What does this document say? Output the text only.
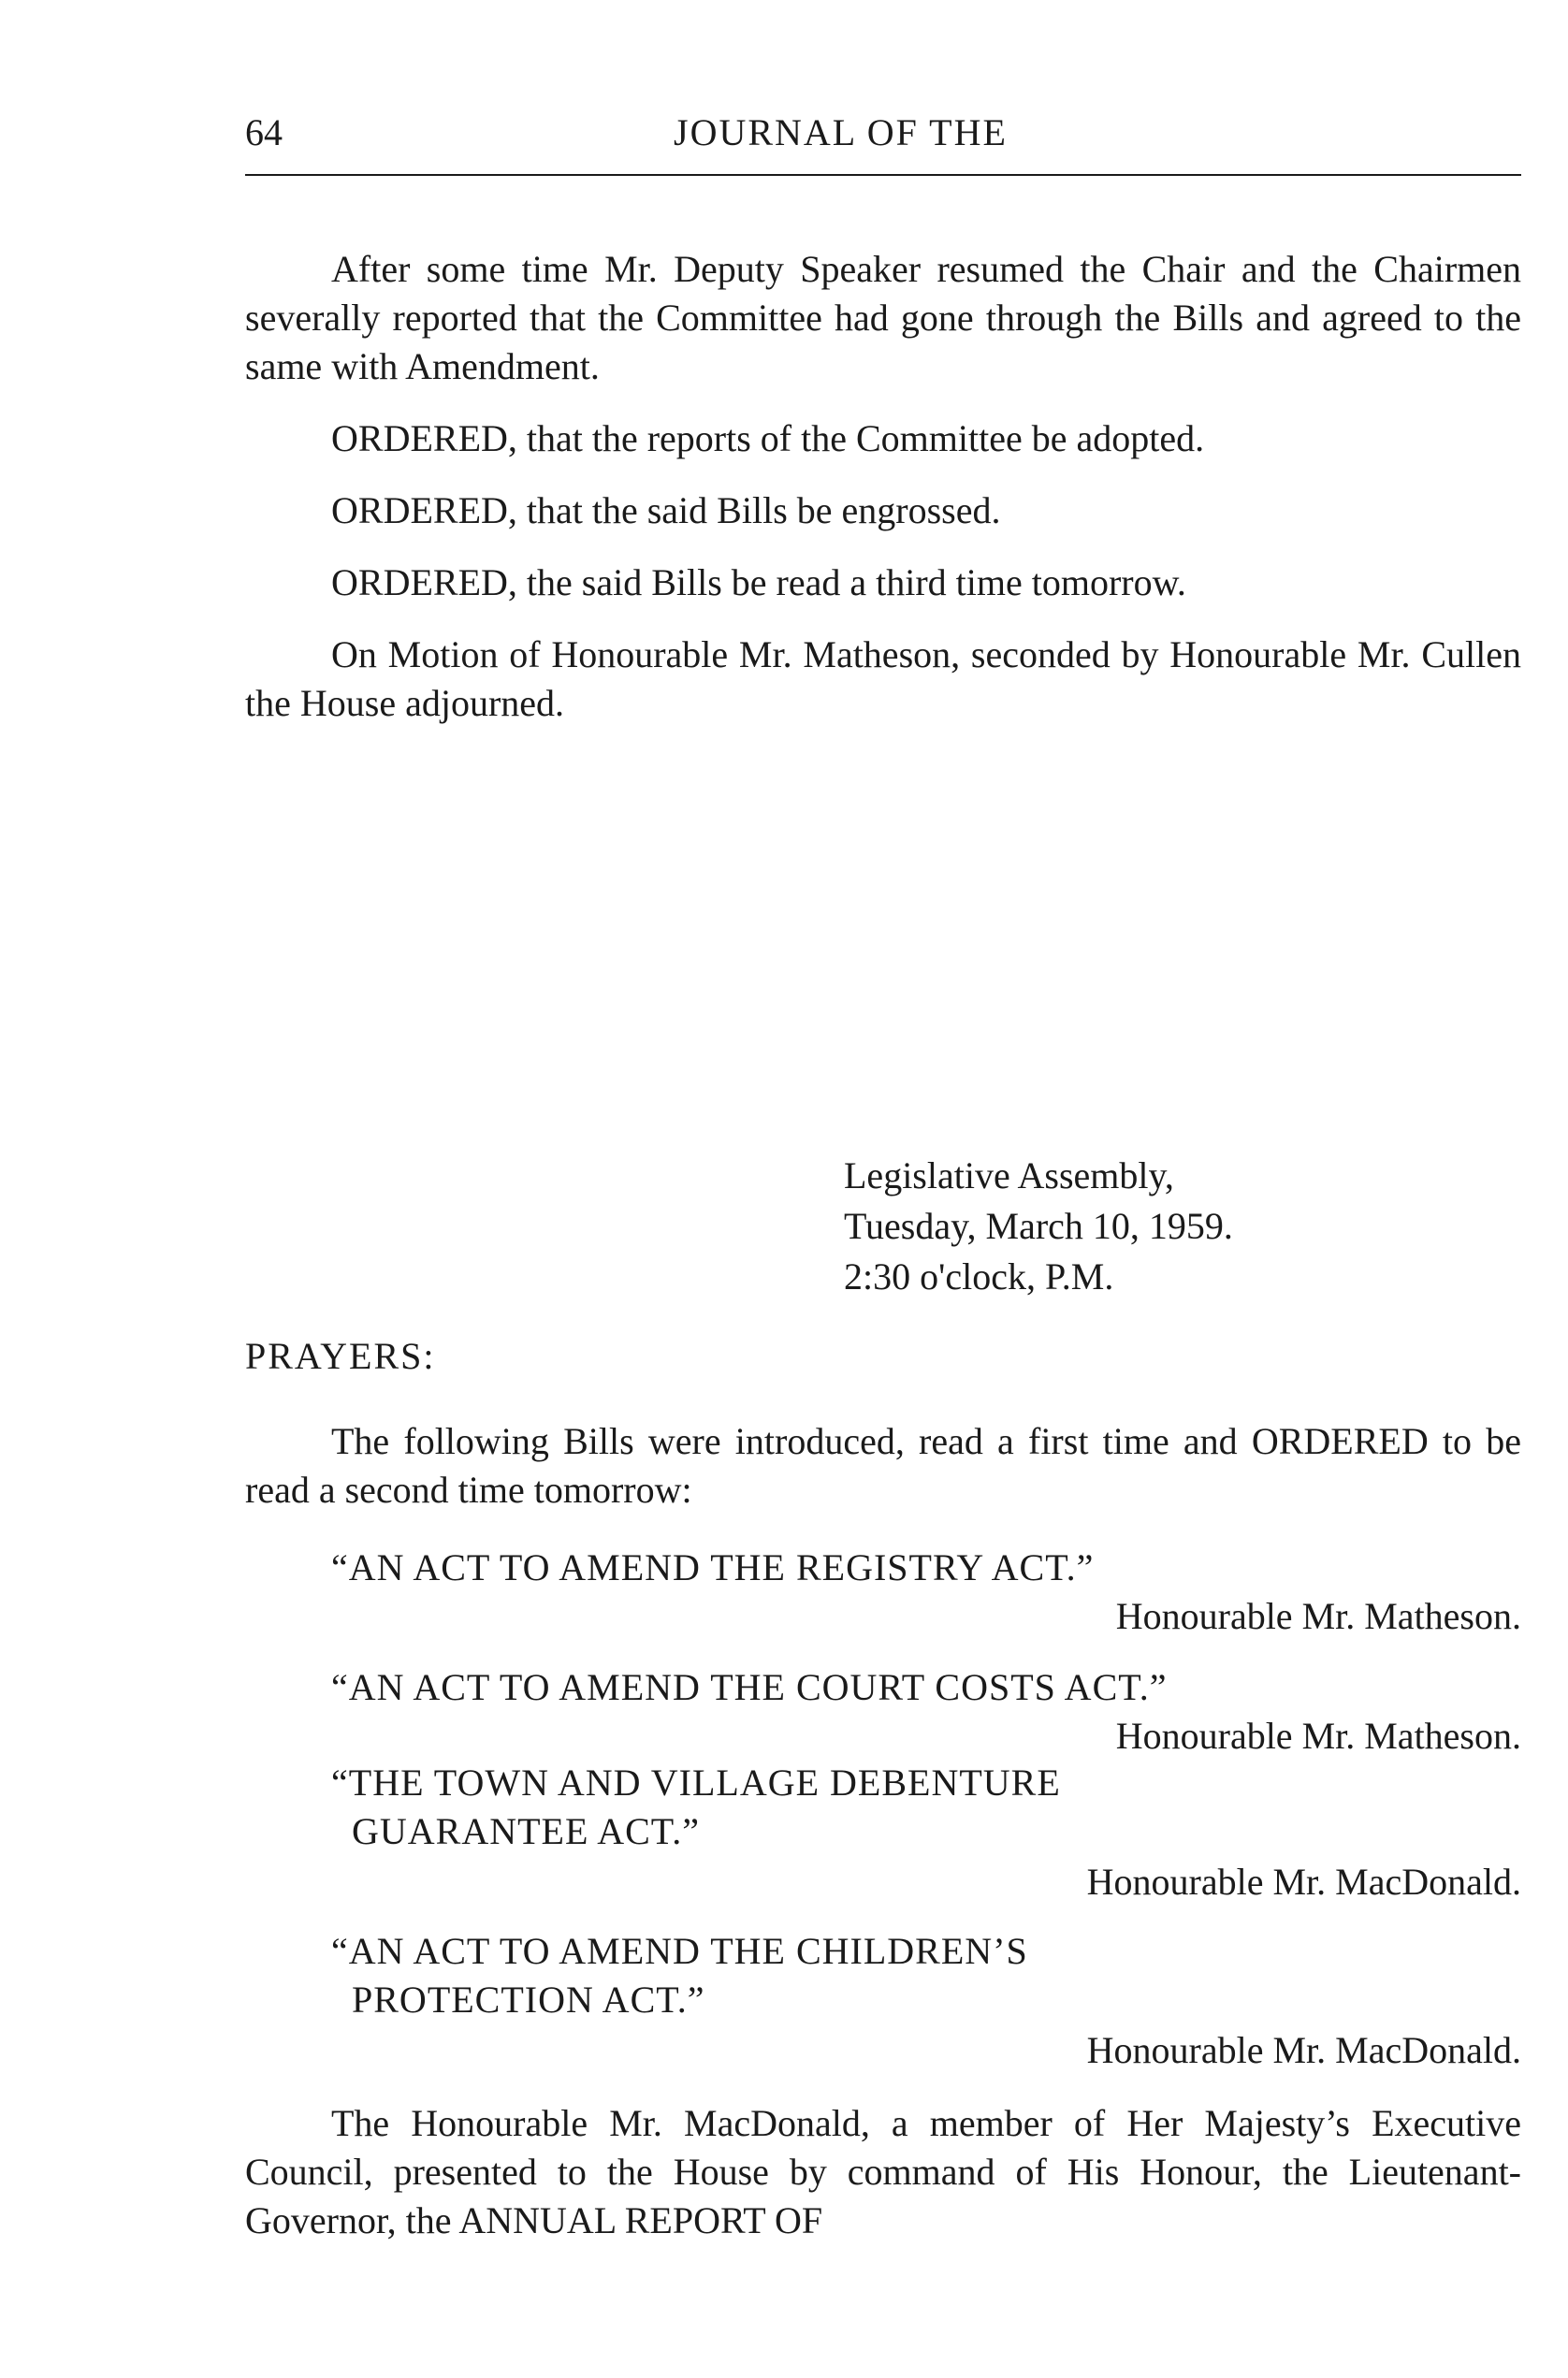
64	JOURNAL OF THE

After some time Mr. Deputy Speaker resumed the Chair and the Chairmen severally reported that the Committee had gone through the Bills and agreed to the same with Amendment.

ORDERED, that the reports of the Committee be adopted.

ORDERED, that the said Bills be engrossed.

ORDERED, the said Bills be read a third time tomorrow.

On Motion of Honourable Mr. Matheson, seconded by Honourable Mr. Cullen the House adjourned.

Legislative Assembly,
Tuesday, March 10, 1959.
2:30 o'clock, P.M.
PRAYERS:

The following Bills were introduced, read a first time and ORDERED to be read a second time tomorrow:

“AN ACT TO AMEND THE REGISTRY ACT.”
Honourable Mr. Matheson.
“AN ACT TO AMEND THE COURT COSTS ACT.”
Honourable Mr. Matheson.
“THE TOWN AND VILLAGE DEBENTURE
GUARANTEE ACT.”
Honourable Mr. MacDonald.
“AN ACT TO AMEND THE CHILDREN’S
PROTECTION ACT.”
Honourable Mr. MacDonald.

The Honourable Mr. MacDonald, a member of Her Majesty’s Executive Council, presented to the House by command of His Honour, the Lieutenant-Governor, the ANNUAL REPORT OF
